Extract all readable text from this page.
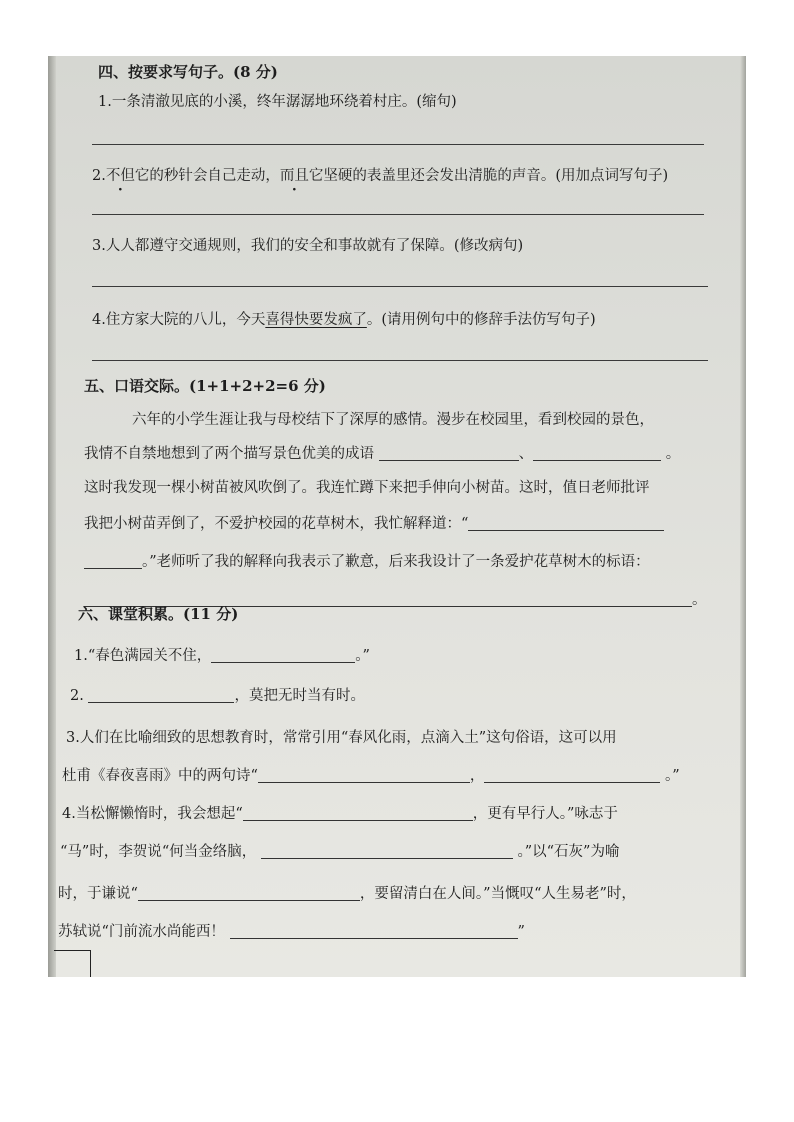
四、按要求写句子。(8 分)
1.一条清澈见底的小溪，终年潺潺地环绕着村庄。(缩句)
2.不但它的秒针会自己走动，而且它坚硬的表盖里还会发出清脆的声音。(用加点词写句子)
3.人人都遵守交通规则，我们的安全和事故就有了保障。(修改病句)
4.住方家大院的八儿，今天喜得快要发疯了。(请用例句中的修辞手法仿写句子)
五、口语交际。(1+1+2+2=6 分)
六年的小学生涯让我与母校结下了深厚的感情。漫步在校园里，看到校园的景色，
我情不自禁地想到了两个描写景色优美的成语	、	。
这时我发现一棵小树苗被风吹倒了。我连忙蹲下来把手伸向小树苗。这时，值日老师批评
我把小树苗弄倒了，不爱护校园的花草树木，我忙解释道：“
。”老师听了我的解释向我表示了歉意，后来我设计了一条爱护花草树木的标语：
。
六、课堂积累。(11 分)
1.“春色满园关不住，	。”
2.	，莫把无时当有时。
3.人们在比喻细致的思想教育时，常常引用“春风化雨，点滴入土”这句俗语，这可以用
杜甫《春夜喜雨》中的两句诗“	，	。”
4.当松懈懒惰时，我会想起“	，更有早行人。”咏志于
“马”时，李贺说“何当金络脑，	。”以“石灰”为喻
时，于谦说“	，要留清白在人间。”当慨叹“人生易老”时，
苏轼说“门前流水尚能西！	”
